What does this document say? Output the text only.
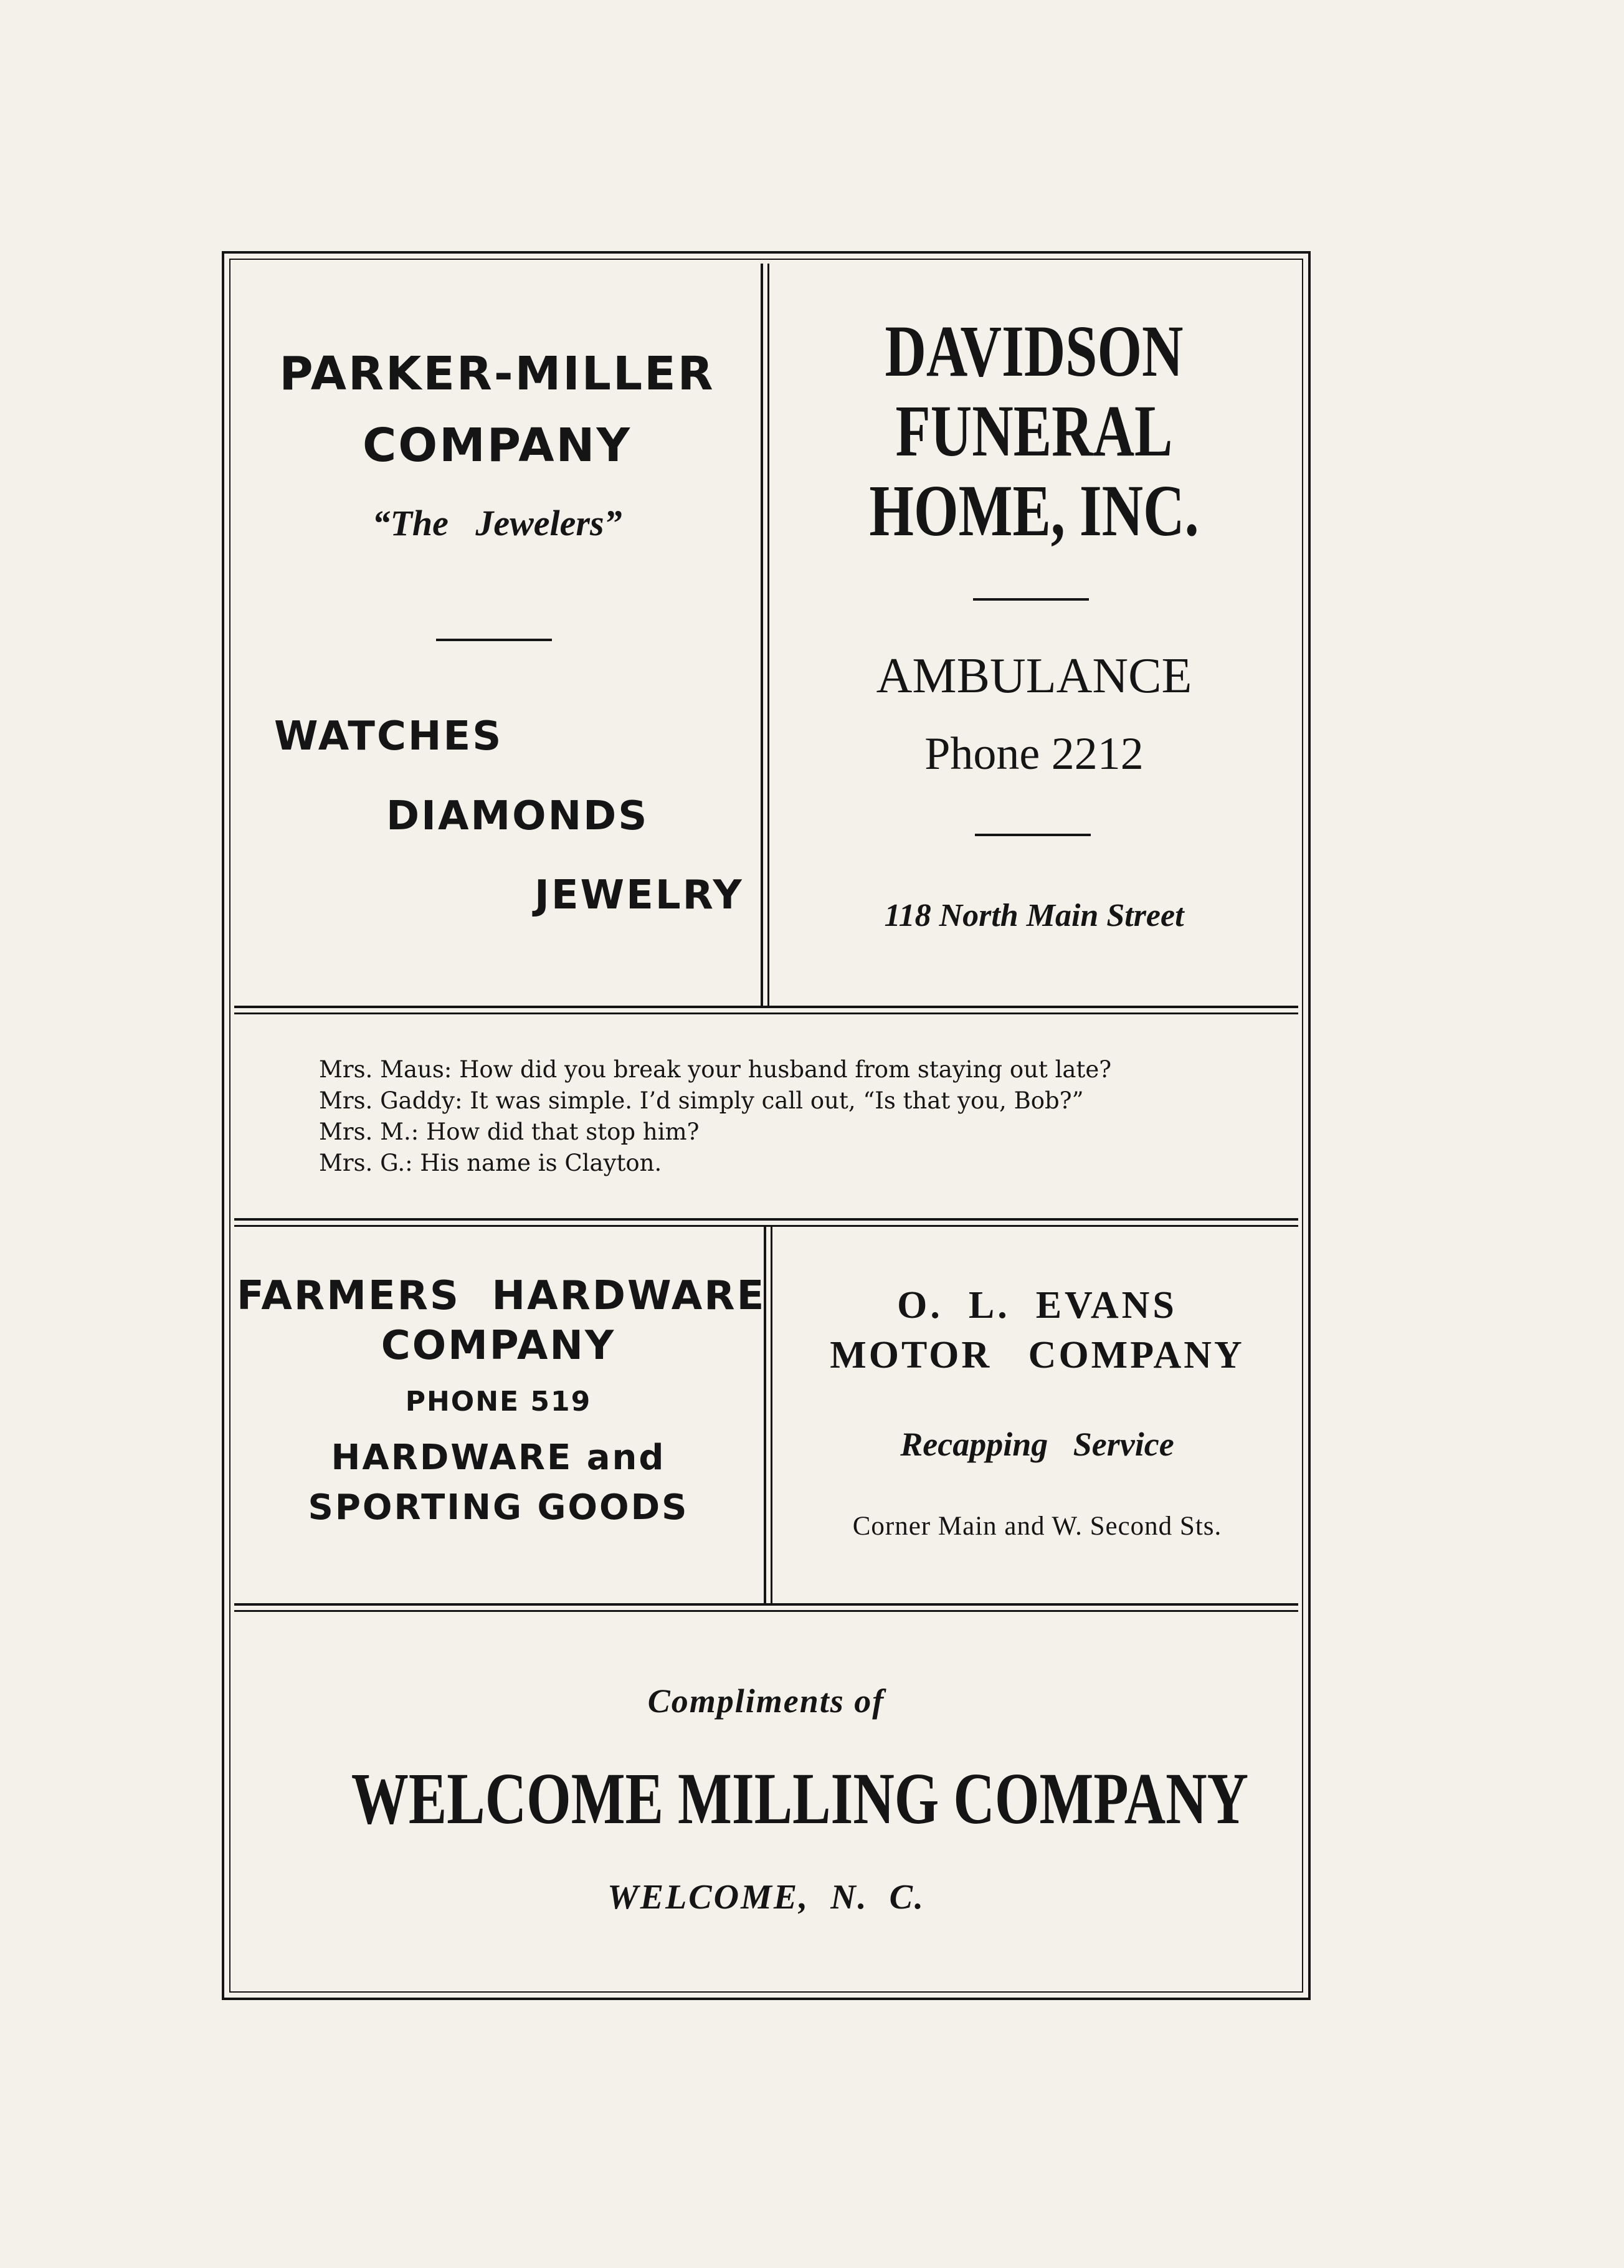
PARKER-MILLER
COMPANY
“The   Jewelers”
WATCHES
DIAMONDS
JEWELRY
DAVIDSON
FUNERAL
HOME, INC.
AMBULANCE
Phone 2212
118 North Main Street
Mrs. Maus: How did you break your husband from staying out late?
Mrs. Gaddy: It was simple. I’d simply call out, “Is that you, Bob?”
Mrs. M.: How did that stop him?
Mrs. G.: His name is Clayton.
FARMERS  HARDWARE
COMPANY
PHONE 519
HARDWARE and
SPORTING GOODS
O.  L.  EVANS
MOTOR   COMPANY
Recapping   Service
Corner Main and W. Second Sts.
Compliments of
WELCOME MILLING COMPANY
WELCOME,  N.  C.
